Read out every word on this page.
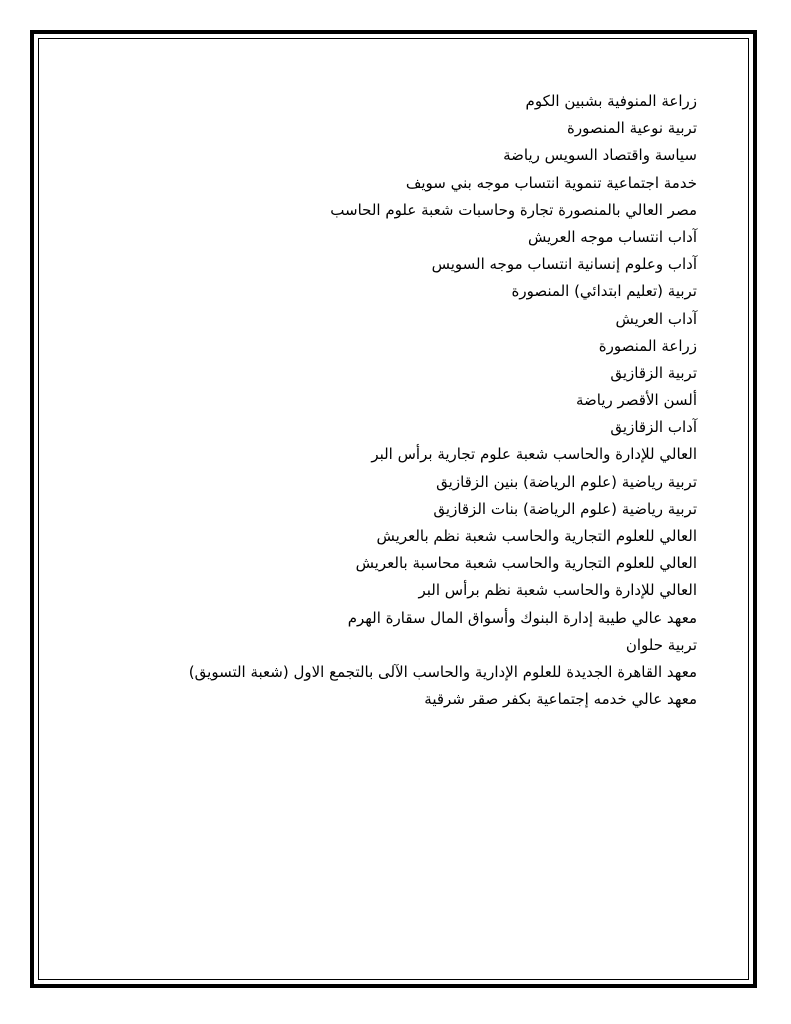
زراعة المنوفية بشبين الكوم
تربية نوعية المنصورة
سياسة واقتصاد السويس رياضة
خدمة اجتماعية تنموية انتساب موجه بني سويف
مصر العالي بالمنصورة تجارة وحاسبات شعبة علوم الحاسب
آداب انتساب موجه العريش
آداب وعلوم إنسانية انتساب موجه السويس
تربية (تعليم ابتدائي) المنصورة
آداب العريش
زراعة المنصورة
تربية الزقازيق
ألسن الأقصر رياضة
آداب الزقازيق
العالي للإدارة والحاسب شعبة علوم تجارية برأس البر
تربية رياضية (علوم الرياضة) بنين الزقازيق
تربية رياضية (علوم الرياضة) بنات الزقازيق
العالي للعلوم التجارية والحاسب شعبة نظم بالعريش
العالي للعلوم التجارية والحاسب شعبة محاسبة بالعريش
العالي للإدارة والحاسب شعبة نظم برأس البر
معهد عالي طيبة إدارة البنوك وأسواق المال سقارة الهرم
تربية حلوان
معهد القاهرة الجديدة للعلوم الإدارية والحاسب الآلى بالتجمع الاول (شعبة التسويق)
معهد عالي خدمه إجتماعية بكفر صقر شرقية
